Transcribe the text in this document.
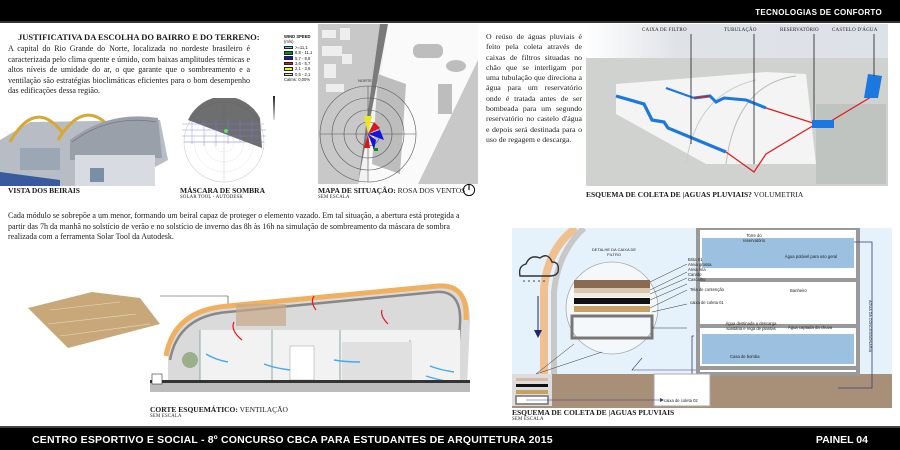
TECNOLOGIAS DE CONFORTO
JUSTIFICATIVA DA ESCOLHA DO BAIRRO E DO TERRENO:
A capital do Rio Grande do Norte, localizada no nordeste brasileiro é caracterizada pelo clima quente e úmido, com baixas amplitudes térmicas e altos níveis de umidade do ar, o que garante que o sombreamento e a ventilação são estratégias bioclimáticas eficientes para o bom desempenho das edificações dessa região.
VISTA DOS BEIRAIS	MÁSCARA DE SOMBRA
SOLAR TOOL - AUTODESK
WIND SPEED
(m/s)
>=11,1
8,8 - 11,1
5,7 - 8,8
3,6 - 5,7
2,1 - 3,6
0,5 - 2,1
Calms: 0,00%	NORTE
MAPA DE SITUAÇÃO: ROSA DOS VENTOS
SEM ESCALA
O reúso de águas pluviais é feito pela coleta através de caixas de filtros situadas no chão que se interligam por uma tubulação que direciona a água para um reservatório onde é tratada antes de ser bombeada para um segundo reservatório no castelo d'água e depois será destinada para o uso de regagem e descarga.
CAIXA DE FILTRO	TUBULAÇÃO	RESERVATÓRIO	CASTELO D'ÁGUA
ESQUEMA DE COLETA DE |AGUAS PLUVIAIS? VOLUMETRIA
Cada módulo se sobrepõe a um menor, formando um beiral capaz de proteger o elemento vazado. Em tal situação, a abertura está protegida a partir das 7h da manhã no solstício de verão e no solstício de inverno das 8h às 16h na simulação de sombreamento da máscara de sombra realizada com a ferramenta Solar Tool da Autodesk.
CORTE ESQUEMÁTICO: VENTILAÇÃO
SEM ESCALA
DETALHE DA CAIXA DE FILTRO
Brita 01
Areia grossa
Areia fina
Carvão
Cascalho
Tela de contenção
caixa de coleta 01
Torre do reservatório
Água potável para uso geral
Banheiro
Água captada da chuva
Água destinada a descarga sanitária e rega de plantas
Casa de bomba
caixa de coleta 02
ÁGUA DA CONCESSIONÁRIA
ESQUEMA DE COLETA DE |AGUAS PLUVIAIS
SEM ESCALA
CENTRO ESPORTIVO E SOCIAL - 8º CONCURSO CBCA PARA ESTUDANTES DE ARQUITETURA 2015	PAINEL 04
